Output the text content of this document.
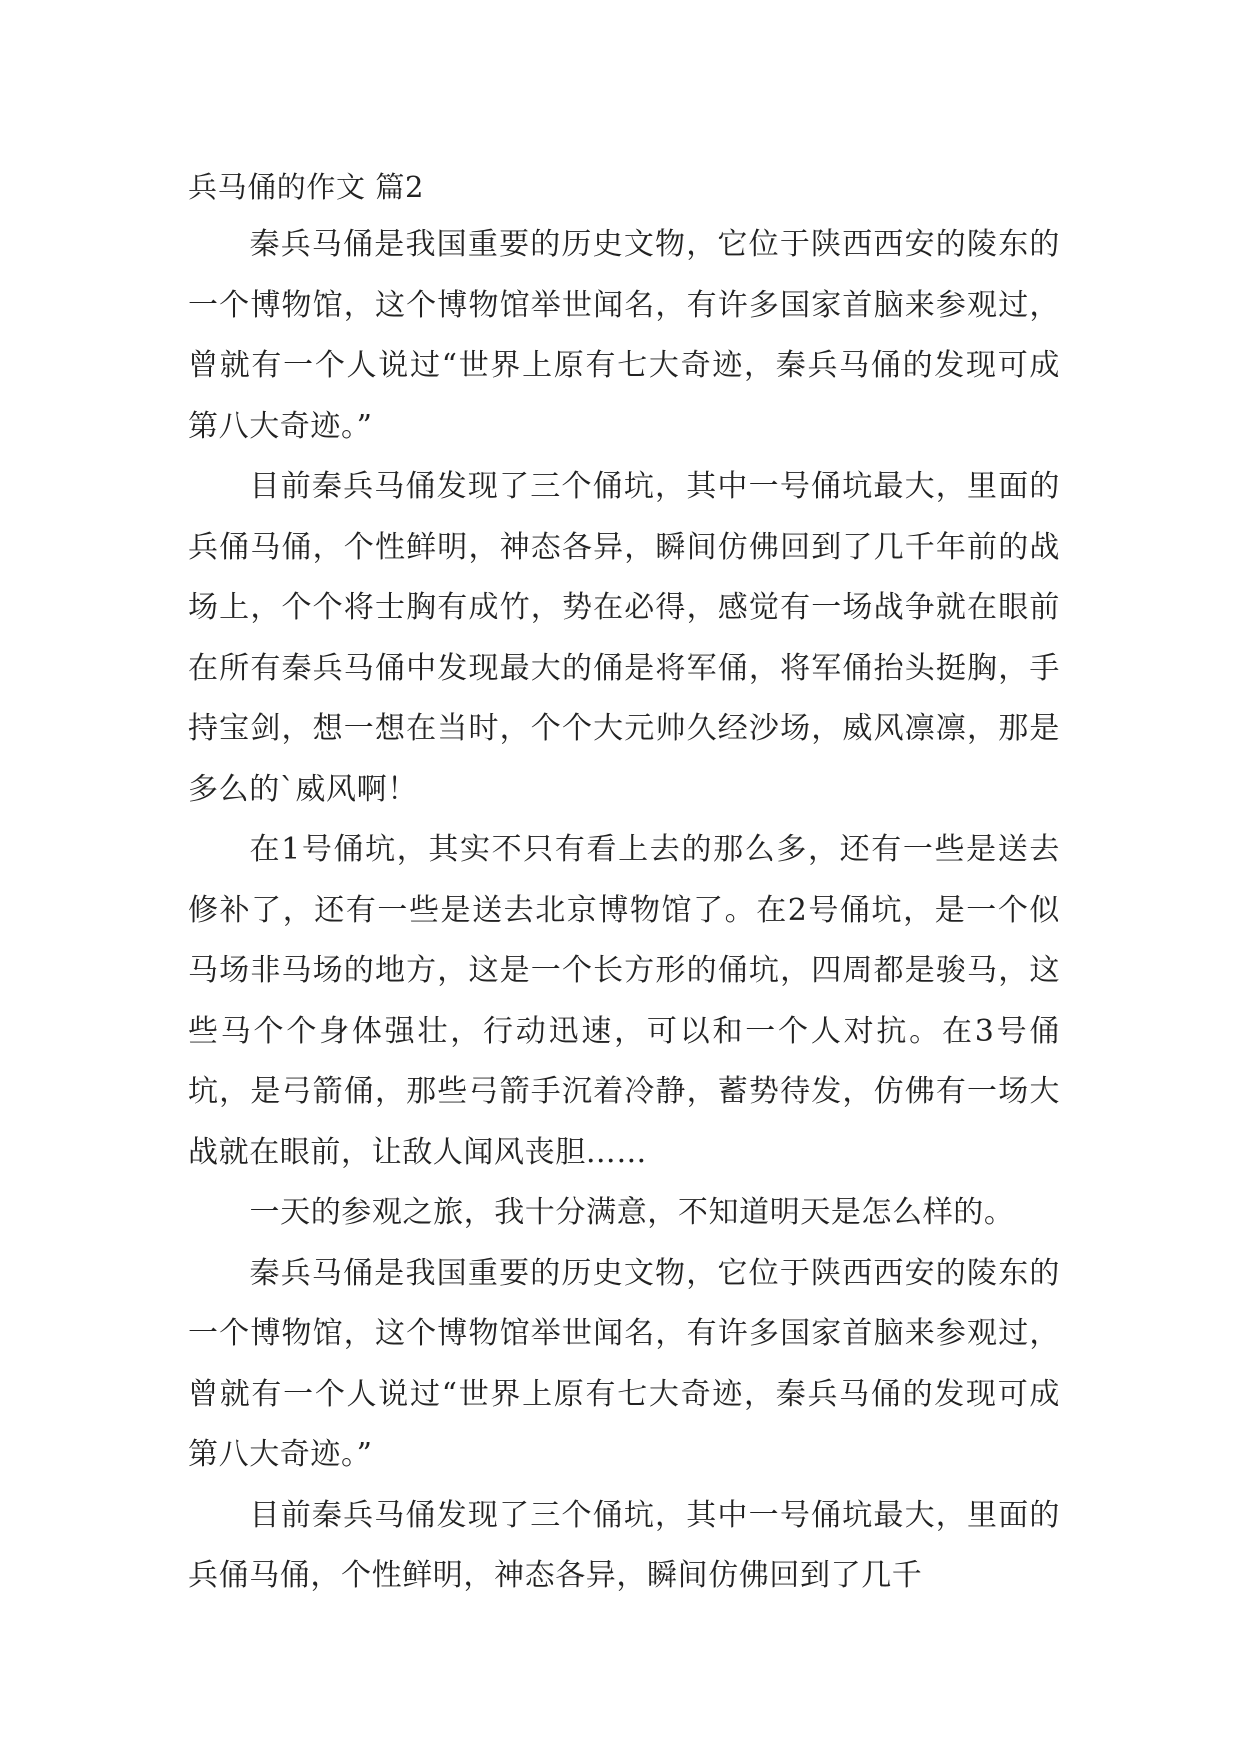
兵马俑的作文 篇2

秦兵马俑是我国重要的历史文物，它位于陕西西安的陵东的一个博物馆，这个博物馆举世闻名，有许多国家首脑来参观过，曾就有一个人说过“世界上原有七大奇迹，秦兵马俑的发现可成第八大奇迹。”

目前秦兵马俑发现了三个俑坑，其中一号俑坑最大，里面的兵俑马俑，个性鲜明，神态各异，瞬间仿佛回到了几千年前的战场上，个个将士胸有成竹，势在必得，感觉有一场战争就在眼前在所有秦兵马俑中发现最大的俑是将军俑，将军俑抬头挺胸，手持宝剑，想一想在当时，个个大元帅久经沙场，威风凛凛，那是多么的`威风啊！

在1号俑坑，其实不只有看上去的那么多，还有一些是送去修补了，还有一些是送去北京博物馆了。在2号俑坑，是一个似马场非马场的地方，这是一个长方形的俑坑，四周都是骏马，这些马个个身体强壮，行动迅速，可以和一个人对抗。在3号俑坑，是弓箭俑，那些弓箭手沉着冷静，蓄势待发，仿佛有一场大战就在眼前，让敌人闻风丧胆……

一天的参观之旅，我十分满意，不知道明天是怎么样的。

秦兵马俑是我国重要的历史文物，它位于陕西西安的陵东的一个博物馆，这个博物馆举世闻名，有许多国家首脑来参观过，曾就有一个人说过“世界上原有七大奇迹，秦兵马俑的发现可成第八大奇迹。”

目前秦兵马俑发现了三个俑坑，其中一号俑坑最大，里面的兵俑马俑，个性鲜明，神态各异，瞬间仿佛回到了几千
